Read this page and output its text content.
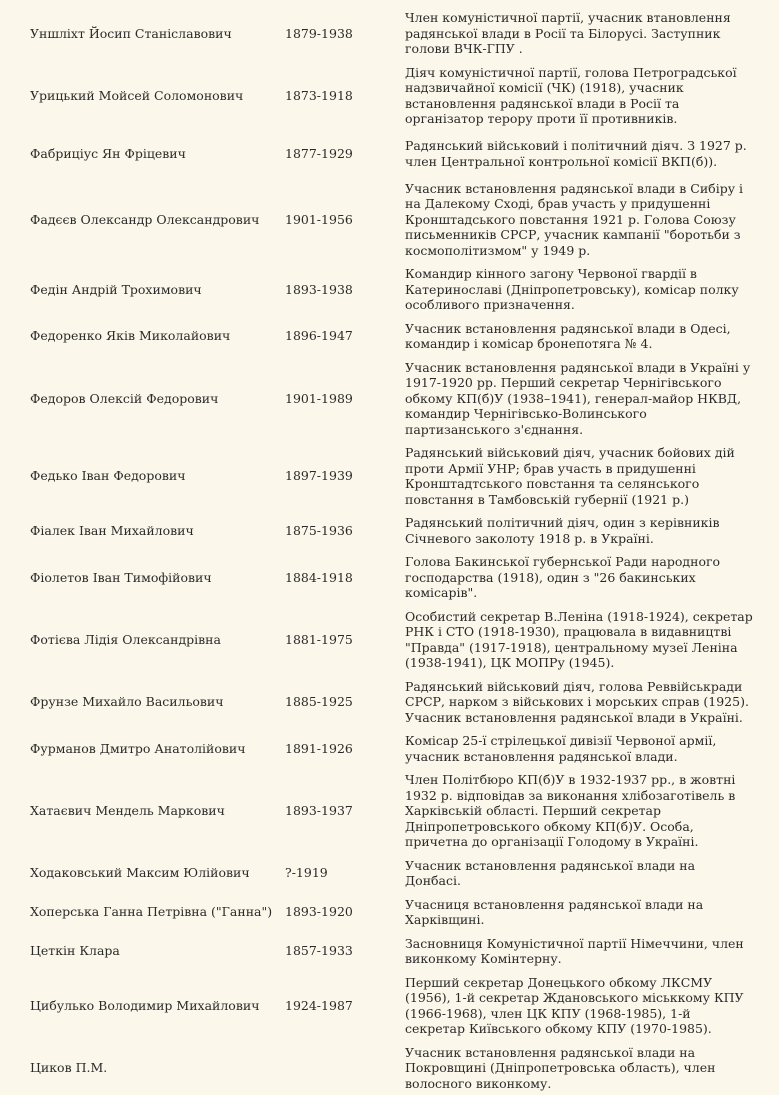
Уншліхт Йосип Станіславович	1879-1938	Член комуністичної партії, учасник втановлення радянської влади в Росії та Білорусі. Заступник голови ВЧК-ГПУ .
Урицький Мойсей Соломонович	1873-1918	Діяч комуністичної партії, голова Петроградської надзвичайної комісії (ЧК) (1918), учасник встановлення радянської влади в Росії та організатор терору проти її противників.
Фабриціус Ян Фріцевич	1877-1929	Радянський військовий і політичний діяч. З 1927 р. член Центральної контрольної комісії ВКП(б)).
Фадєєв Олександр Олександрович	1901-1956	Учасник встановлення радянської влади в Сибіру і на Далекому Сході, брав участь у придушенні Кронштадського повстання 1921 р. Голова Союзу письменників СРСР, учасник кампанії "боротьби з космополітизмом" у 1949 р.
Федін Андрій Трохимович	1893-1938	Командир кінного загону Червоної гвардії в Катеринославі (Дніпропетровську), комісар полку особливого призначення.
Федоренко Яків Миколайович	1896-1947	Учасник встановлення радянської влади в Одесі, командир і комісар бронепотяга № 4.
Федоров Олексій Федорович	1901-1989	Учасник встановлення радянської влади в Україні у 1917-1920 рр. Перший секретар Чернігівського обкому КП(б)У (1938–1941), генерал-майор НКВД, командир Чернігівсько-Волинського партизанського з'єднання.
Федько Іван Федорович	1897-1939	Радянський військовий діяч, учасник бойових дій проти Армії УНР; брав участь в придушенні Кронштадтського повстання та селянського повстання в Тамбовській губернії (1921 р.)
Фіалек Іван Михайлович	1875-1936	Радянський політичний діяч, один з керівників Січневого заколоту 1918 р. в Україні.
Фіолетов Іван Тимофійович	1884-1918	Голова Бакинської губернської Ради народного господарства (1918), один з "26 бакинських комісарів".
Фотієва Лідія Олександрівна	1881-1975	Особистий секретар В.Леніна (1918-1924), секретар РНК і СТО (1918-1930), працювала в видавництві "Правда" (1917-1918), центральному музеї Леніна (1938-1941), ЦК МОПРу (1945).
Фрунзе Михайло Васильович	1885-1925	Радянський військовий діяч, голова Реввійськради СРСР, нарком з військових і морських справ (1925). Учасник встановлення радянської влади в Україні.
Фурманов Дмитро Анатолійович	1891-1926	Комісар 25-ї стрілецької дивізії Червоної армії, учасник встановлення радянської влади.
Хатаєвич Мендель Маркович	1893-1937	Член Політбюро КП(б)У в 1932-1937 рр., в жовтні 1932 р. відповідав за виконання хлібозаготівель в Харківській області. Перший секретар Дніпропетровського обкому КП(б)У. Особа, причетна до організації Голодому в Україні.
Ходаковський Максим Юлійович	?-1919	Учасник встановлення радянської влади на Донбасі.
Хоперська Ганна Петрівна ("Ганна")	1893-1920	Учасниця встановлення радянської влади на Харківщині.
Цеткін Клара	1857-1933	Засновниця Комуністичної партії Німеччини, член виконкому Комінтерну.
Цибулько Володимир Михайлович	1924-1987	Перший секретар Донецького обкому ЛКСМУ (1956), 1-й секретар Ждановського міськкому КПУ (1966-1968), член ЦК КПУ (1968-1985), 1-й секретар Київського обкому КПУ (1970-1985).
Циков П.М.		Учасник встановлення радянської влади на Покровщині (Дніпропетровська область), член волосного виконкому.
